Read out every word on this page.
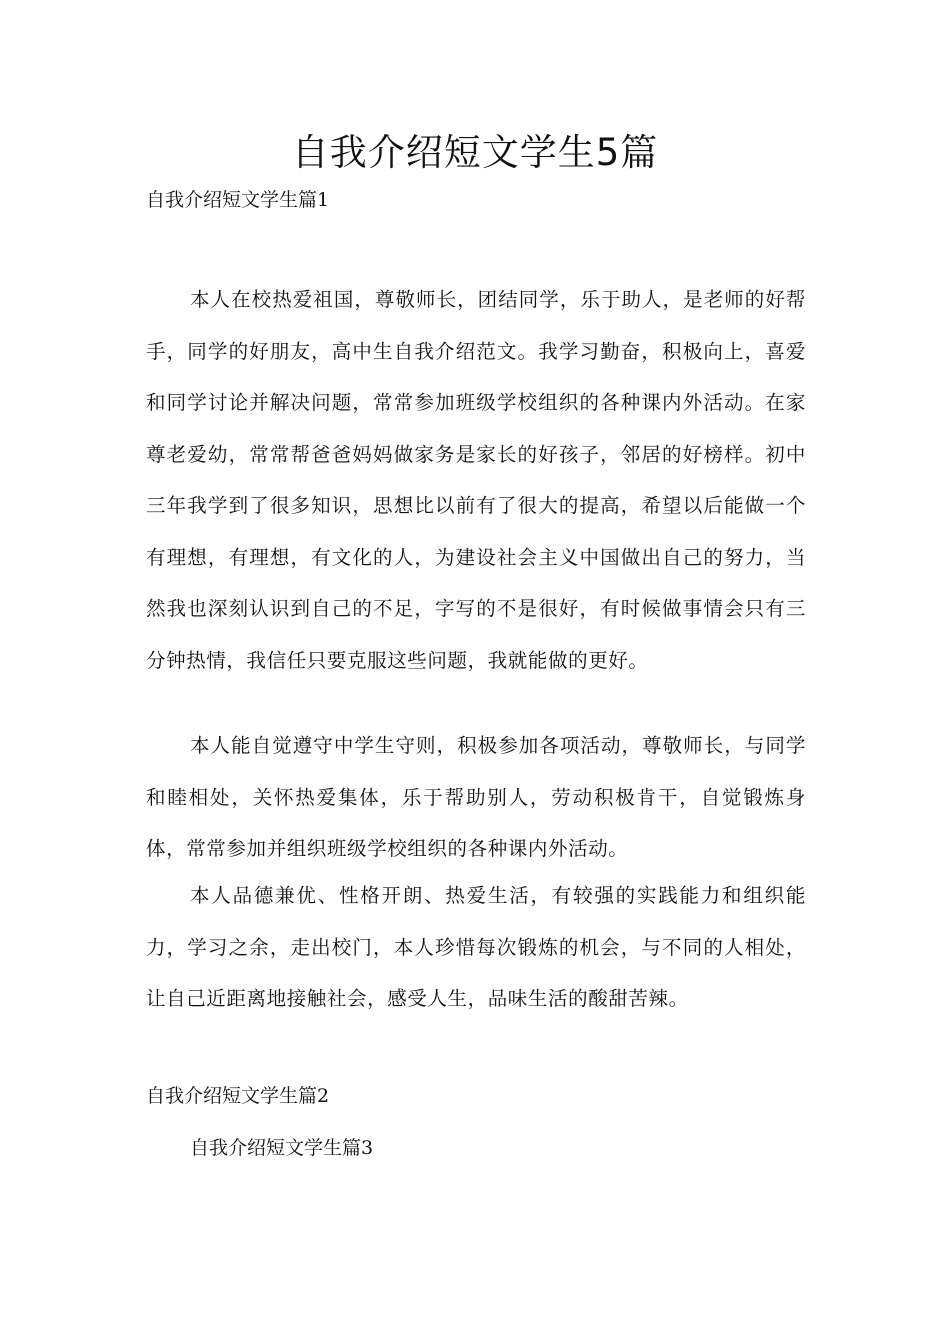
自我介绍短文学生5篇
自我介绍短文学生篇1

本人在校热爱祖国，尊敬师长，团结同学，乐于助人，是老师的好帮手，同学的好朋友，高中生自我介绍范文。我学习勤奋，积极向上，喜爱和同学讨论并解决问题，常常参加班级学校组织的各种课内外活动。在家尊老爱幼，常常帮爸爸妈妈做家务是家长的好孩子，邻居的好榜样。初中三年我学到了很多知识，思想比以前有了很大的提高，希望以后能做一个有理想，有理想，有文化的人，为建设社会主义中国做出自己的努力，当然我也深刻认识到自己的不足，字写的不是很好，有时候做事情会只有三分钟热情，我信任只要克服这些问题，我就能做的更好。

本人能自觉遵守中学生守则，积极参加各项活动，尊敬师长，与同学和睦相处，关怀热爱集体，乐于帮助别人，劳动积极肯干，自觉锻炼身体，常常参加并组织班级学校组织的各种课内外活动。

本人品德兼优、性格开朗、热爱生活，有较强的实践能力和组织能力，学习之余，走出校门，本人珍惜每次锻炼的机会，与不同的人相处，让自己近距离地接触社会，感受人生，品味生活的酸甜苦辣。

自我介绍短文学生篇2
自我介绍短文学生篇3
